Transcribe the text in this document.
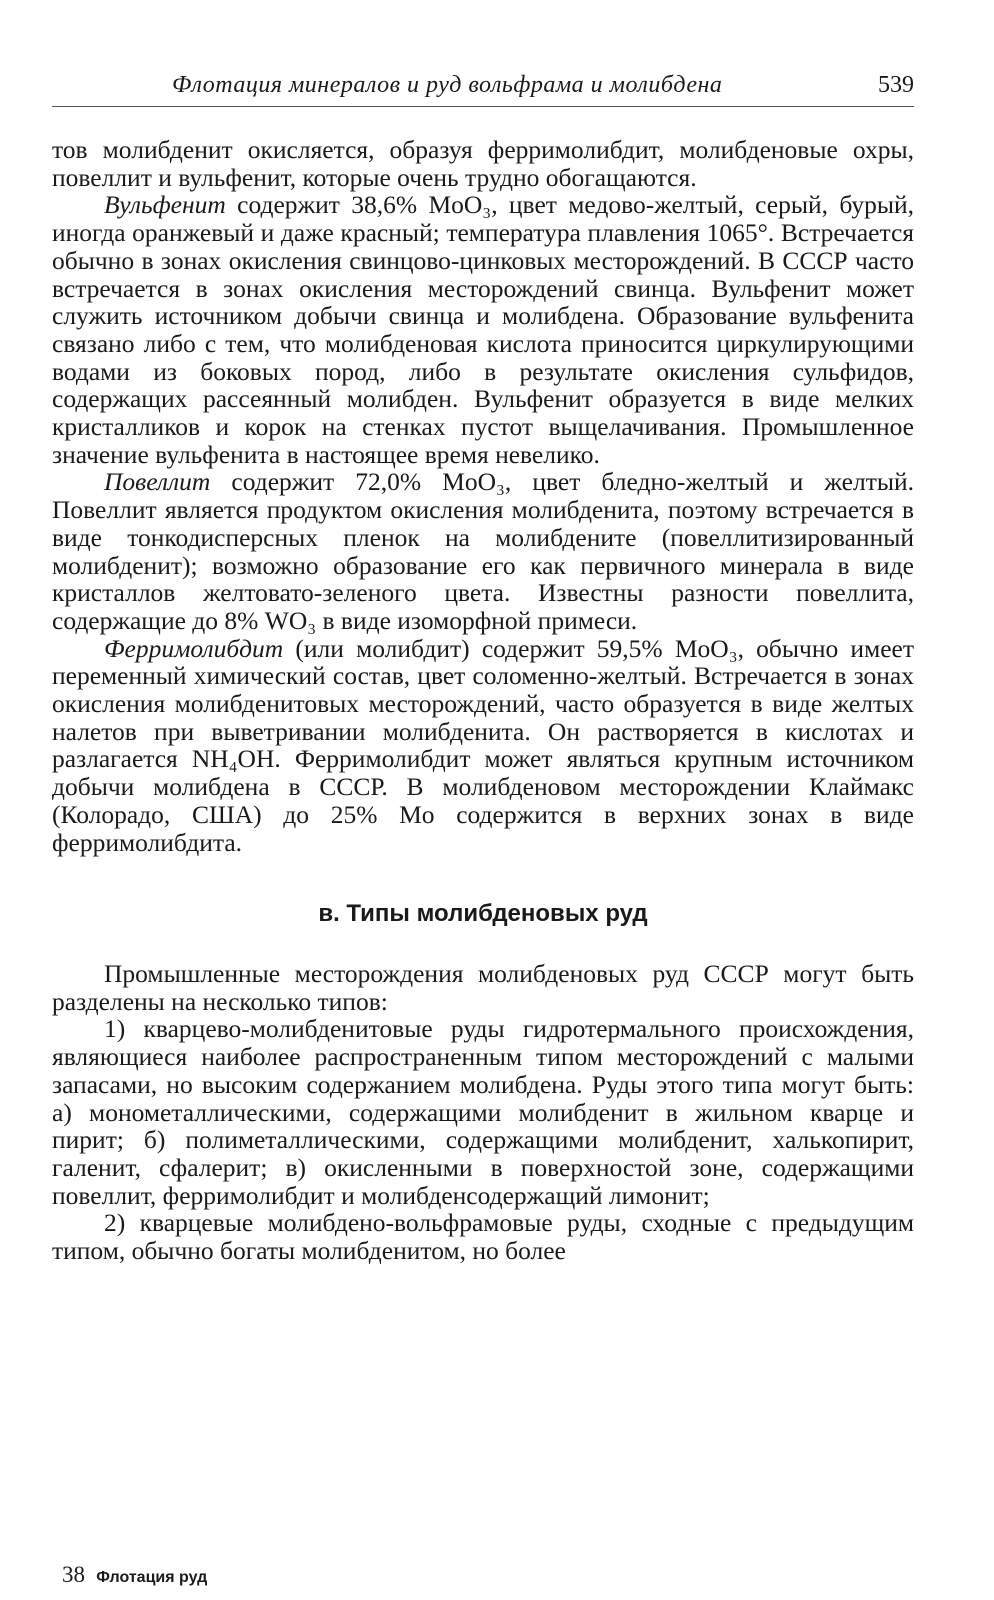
Флотация минералов и руд вольфрама и молибдена	539

тов молибденит окисляется, образуя ферримолибдит, молибденовые охры, повеллит и вульфенит, которые очень трудно обогащаются.

Вульфенит содержит 38,6% MoO₃, цвет медово-желтый, серый, бурый, иногда оранжевый и даже красный; температура плавления 1065°. Встречается обычно в зонах окисления свинцово-цинковых месторождений. В СССР часто встречается в зонах окисления месторождений свинца. Вульфенит может служить источником добычи свинца и молибдена. Образование вульфенита связано либо с тем, что молибденовая кислота приносится циркулирующими водами из боковых пород, либо в результате окисления сульфидов, содержащих рассеянный молибден. Вульфенит образуется в виде мелких кристалликов и корок на стенках пустот выщелачивания. Промышленное значение вульфенита в настоящее время невелико.

Повеллит содержит 72,0% MoO₃, цвет бледно-желтый и желтый. Повеллит является продуктом окисления молибденита, поэтому встречается в виде тонкодисперсных пленок на молибдените (повеллитизированный молибденит); возможно образование его как первичного минерала в виде кристаллов желтовато-зеленого цвета. Известны разности повеллита, содержащие до 8% WO₃ в виде изоморфной примеси.

Ферримолибдит (или молибдит) содержит 59,5% MoO₃, обычно имеет переменный химический состав, цвет соломенно-желтый. Встречается в зонах окисления молибденитовых месторождений, часто образуется в виде желтых налетов при выветривании молибденита. Он растворяется в кислотах и разлагается NH₄OH. Ферримолибдит может являться крупным источником добычи молибдена в СССР. В молибденовом месторождении Клаймакс (Колорадо, США) до 25% Mo содержится в верхних зонах в виде ферримолибдита.

в. Типы молибденовых руд

Промышленные месторождения молибденовых руд СССР могут быть разделены на несколько типов:

1) кварцево-молибденитовые руды гидротермального происхождения, являющиеся наиболее распространенным типом месторождений с малыми запасами, но высоким содержанием молибдена. Руды этого типа могут быть: а) монометаллическими, содержащими молибденит в жильном кварце и пирит; б) полиметаллическими, содержащими молибденит, халькопирит, галенит, сфалерит; в) окисленными в поверхностой зоне, содержащими повеллит, ферримолибдит и молибденсодержащий лимонит;

2) кварцевые молибдено-вольфрамовые руды, сходные с предыдущим типом, обычно богаты молибденитом, но более

38 Флотация руд
